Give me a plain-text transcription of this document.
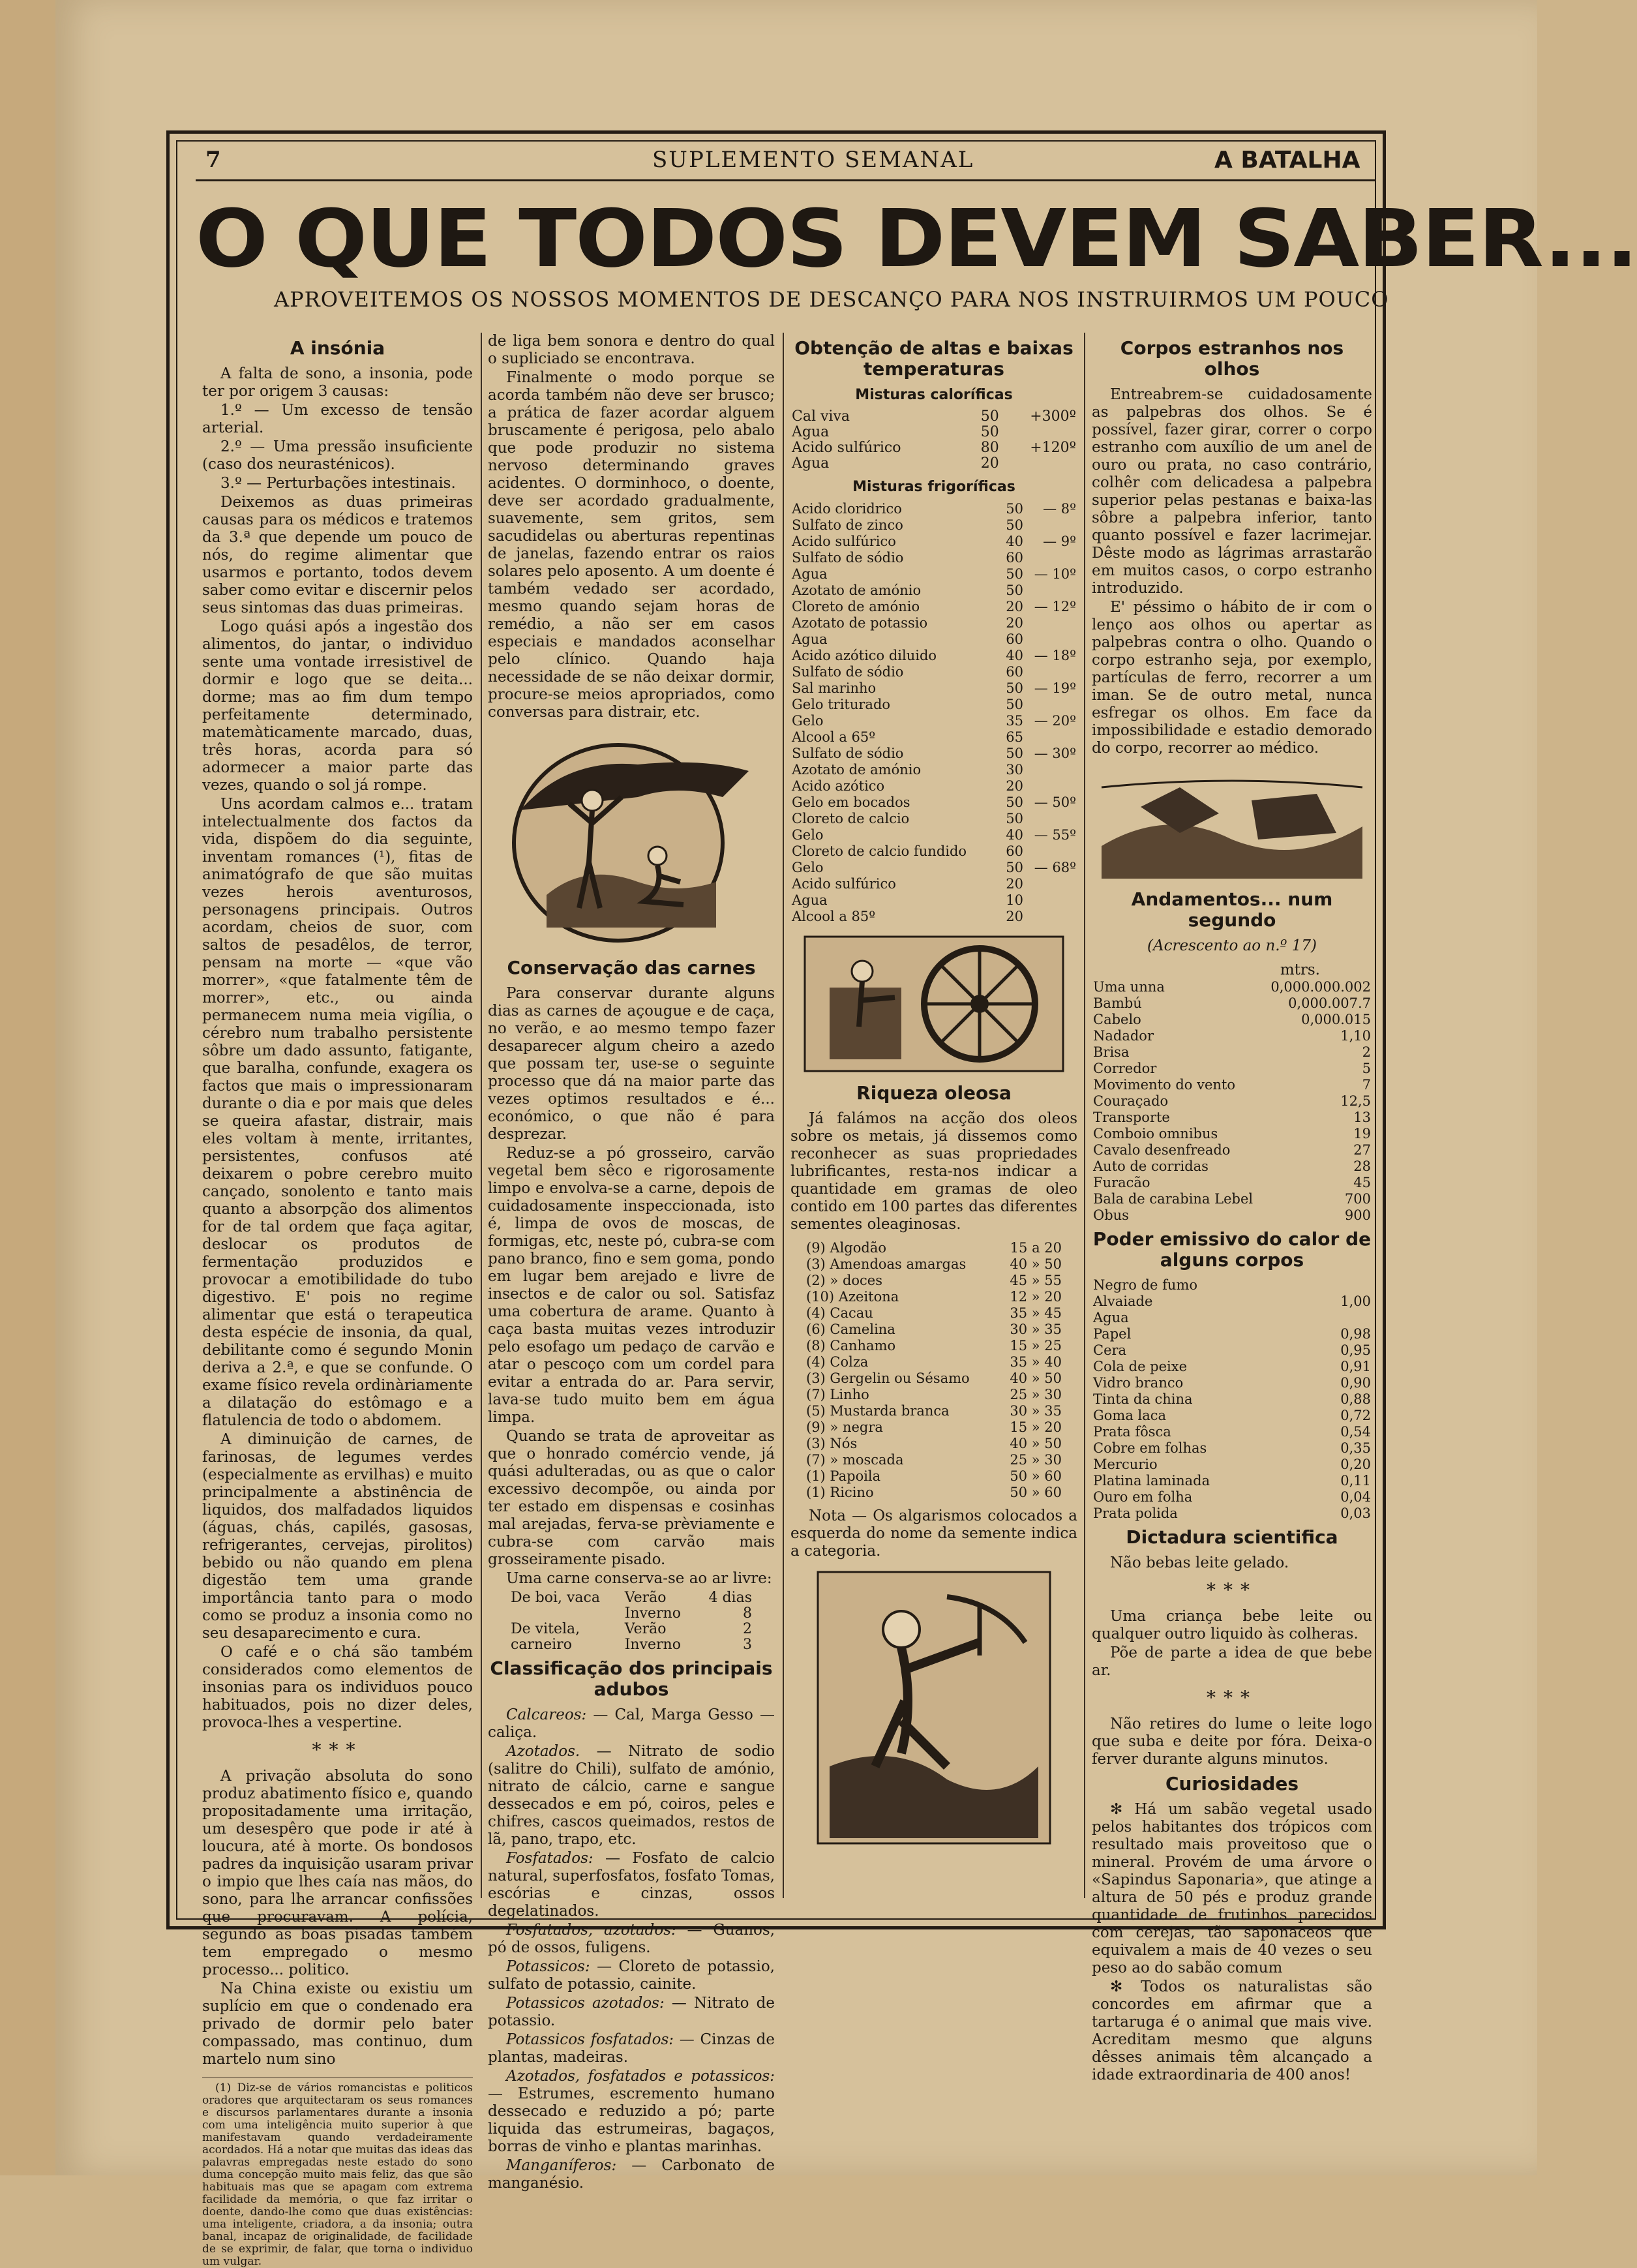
7	SUPLEMENTO SEMANAL	A BATALHA
O QUE TODOS DEVEM SABER...
APROVEITEMOS OS NOSSOS MOMENTOS DE DESCANÇO PARA NOS INSTRUIRMOS UM POUCO
A insónia

A falta de sono, a insonia, pode ter por origem 3 causas:

1.º — Um excesso de tensão arterial.

2.º — Uma pressão insuficiente (caso dos neurasténicos).

3.º — Perturbações intestinais.

Deixemos as duas primeiras causas para os médicos e tratemos da 3.ª que depende um pouco de nós, do regime alimentar que usarmos e portanto, todos devem saber como evitar e discernir pelos seus sintomas das duas primeiras.

Logo quási após a ingestão dos alimentos, do jantar, o individuo sente uma vontade irresistivel de dormir e logo que se deita... dorme; mas ao fim dum tempo perfeitamente determinado, matemàticamente marcado, duas, três horas, acorda para só adormecer a maior parte das vezes, quando o sol já rompe.

Uns acordam calmos e... tratam intelectualmente dos factos da vida, dispõem do dia seguinte, inventam romances (¹), fitas de animatógrafo de que são muitas vezes herois aventurosos, personagens principais. Outros acordam, cheios de suor, com saltos de pesadêlos, de terror, pensam na morte — «que vão morrer», «que fatalmente têm de morrer», etc., ou ainda permanecem numa meia vigília, o cérebro num trabalho persistente sôbre um dado assunto, fatigante, que baralha, confunde, exagera os factos que mais o impressionaram durante o dia e por mais que deles se queira afastar, distrair, mais eles voltam à mente, irritantes, persistentes, confusos até deixarem o pobre cerebro muito cançado, sonolento e tanto mais quanto a absorpção dos alimentos for de tal ordem que faça agitar, deslocar os produtos de fermentação produzidos e provocar a emotibilidade do tubo digestivo. E' pois no regime alimentar que está o terapeutica desta espécie de insonia, da qual, debilitante como é segundo Monin deriva a 2.ª, e que se confunde. O exame físico revela ordinàriamente a dilatação do estômago e a flatulencia de todo o abdomem.

A diminuição de carnes, de farinosas, de legumes verdes (especialmente as ervilhas) e muito principalmente a abstinência de liquidos, dos malfadados liquidos (águas, chás, capilés, gasosas, refrigerantes, cervejas, pirolitos) bebido ou não quando em plena digestão tem uma grande importância tanto para o modo como se produz a insonia como no seu desaparecimento e cura.

O café e o chá são também considerados como elementos de insonias para os individuos pouco habituados, pois no dizer deles, provoca-lhes a vespertine.

***

A privação absoluta do sono produz abatimento físico e, quando propositadamente uma irritação, um desespêro que pode ir até à loucura, até à morte. Os bondosos padres da inquisição usaram privar o impio que lhes caía nas mãos, do sono, para lhe arrancar confissões que procuravam. A polícia, segundo as boas pisadas também tem empregado o mesmo processo... politico.

Na China existe ou existiu um suplício em que o condenado era privado de dormir pelo bater compassado, mas continuo, dum martelo num sino

(1) Diz-se de vários romancistas e politicos oradores que arquitectaram os seus romances e discursos parlamentares durante a insonia com uma inteligência muito superior à que manifestavam quando verdadeiramente acordados. Há a notar que muitas das ideas das palavras empregadas neste estado do sono duma concepção muito mais feliz, das que são habituais mas que se apagam com extrema facilidade da memória, o que faz irritar o doente, dando-lhe como que duas existências: uma inteligente, criadora, a da insonia; outra banal, incapaz de originalidade, de facilidade de se exprimir, de falar, que torna o individuo um vulgar.

de liga bem sonora e dentro do qual o supliciado se encontrava.

Finalmente o modo porque se acorda também não deve ser brusco; a prática de fazer acordar alguem bruscamente é perigosa, pelo abalo que pode produzir no sistema nervoso determinando graves acidentes. O dorminhoco, o doente, deve ser acordado gradualmente, suavemente, sem gritos, sem sacudidelas ou aberturas repentinas de janelas, fazendo entrar os raios solares pelo aposento. A um doente é também vedado ser acordado, mesmo quando sejam horas de remédio, a não ser em casos especiais e mandados aconselhar pelo clínico. Quando haja necessidade de se não deixar dormir, procure-se meios apropriados, como conversas para distrair, etc.

Conservação das carnes

Para conservar durante alguns dias as carnes de açougue e de caça, no verão, e ao mesmo tempo fazer desaparecer algum cheiro a azedo que possam ter, use-se o seguinte processo que dá na maior parte das vezes optimos resultados e é... económico, o que não é para desprezar.

Reduz-se a pó grosseiro, carvão vegetal bem sêco e rigorosamente limpo e envolva-se a carne, depois de cuidadosamente inspeccionada, isto é, limpa de ovos de moscas, de formigas, etc, neste pó, cubra-se com pano branco, fino e sem goma, pondo em lugar bem arejado e livre de insectos e de calor ou sol. Satisfaz uma cobertura de arame. Quanto à caça basta muitas vezes introduzir pelo esofago um pedaço de carvão e atar o pescoço com um cordel para evitar a entrada do ar. Para servir, lava-se tudo muito bem em água limpa.

Quando se trata de aproveitar as que o honrado comércio vende, já quási adulteradas, ou as que o calor excessivo decompõe, ou ainda por ter estado em dispensas e cosinhas mal arejadas, ferva-se prèviamente e cubra-se com carvão mais grosseiramente pisado.

Uma carne conserva-se ao ar livre:

De boi, vaca	Verão	4 dias
	Inverno	8
De vitela,	Verão	2
carneiro	Inverno	3
Classificação dos principais adubos

Calcareos: — Cal, Marga Gesso — caliça.

Azotados. — Nitrato de sodio (salitre do Chili), sulfato de amónio, nitrato de cálcio, carne e sangue dessecados e em pó, coiros, peles e chifres, cascos queimados, restos de lã, pano, trapo, etc.

Fosfatados: — Fosfato de calcio natural, superfosfatos, fosfato Tomas, escórias e cinzas, ossos degelatinados.

Fosfatados, azotados: — Guanos, pó de ossos, fuligens.

Potassicos: — Cloreto de potassio, sulfato de potassio, cainite.

Potassicos azotados: — Nitrato de potassio.

Potassicos fosfatados: — Cinzas de plantas, madeiras.

Azotados, fosfatados e potassicos: — Estrumes, escremento humano dessecado e reduzido a pó; parte liquida das estrumeiras, bagaços, borras de vinho e plantas marinhas.

Manganíferos: — Carbonato de manganésio.

Obtenção de altas e baixas temperaturas
Misturas caloríficas
Cal viva	50	+300º
Agua	50	
Acido sulfúrico	80	+120º
Agua	20	
Misturas frigoríficas
Acido cloridrico	50	— 8º
Sulfato de zinco	50	
Acido sulfúrico	40	— 9º
Sulfato de sódio	60	
Agua	50	— 10º
Azotato de amónio	50	
Cloreto de amónio	20	— 12º
Azotato de potassio	20	
Agua	60	
Acido azótico diluido	40	— 18º
Sulfato de sódio	60	
Sal marinho	50	— 19º
Gelo triturado	50	
Gelo	35	— 20º
Alcool a 65º	65	
Sulfato de sódio	50	— 30º
Azotato de amónio	30	
Acido azótico	20	
Gelo em bocados	50	— 50º
Cloreto de calcio	50	
Gelo	40	— 55º
Cloreto de calcio fundido	60	
Gelo	50	— 68º
Acido sulfúrico	20	
Agua	10	
Alcool a 85º	20	
Riqueza oleosa

Já falámos na acção dos oleos sobre os metais, já dissemos como reconhecer as suas propriedades lubrificantes, resta-nos indicar a quantidade em gramas de oleo contido em 100 partes das diferentes sementes oleaginosas.

(9) Algodão	15 a 20
(3) Amendoas amargas	40 » 50
(2) » doces	45 » 55
(10) Azeitona	12 » 20
(4) Cacau	35 » 45
(6) Camelina	30 » 35
(8) Canhamo	15 » 25
(4) Colza	35 » 40
(3) Gergelin ou Sésamo	40 » 50
(7) Linho	25 » 30
(5) Mustarda branca	30 » 35
(9) » negra	15 » 20
(3) Nós	40 » 50
(7) » moscada	25 » 30
(1) Papoila	50 » 60
(1) Ricino	50 » 60

Nota — Os algarismos colocados a esquerda do nome da semente indica a categoria.

Corpos estranhos nos olhos

Entreabrem-se cuidadosamente as palpebras dos olhos. Se é possível, fazer girar, correr o corpo estranho com auxílio de um anel de ouro ou prata, no caso contrário, colhêr com delicadesa a palpebra superior pelas pestanas e baixa-las sôbre a palpebra inferior, tanto quanto possível e fazer lacrimejar. Dêste modo as lágrimas arrastarão em muitos casos, o corpo estranho introduzido.

E' péssimo o hábito de ir com o lenço aos olhos ou apertar as palpebras contra o olho. Quando o corpo estranho seja, por exemplo, partículas de ferro, recorrer a um iman. Se de outro metal, nunca esfregar os olhos. Em face da impossibilidade e estadio demorado do corpo, recorrer ao médico.

Andamentos... num segundo
(Acrescento ao n.º 17)
mtrs.
Uma unna	0,000.000.002
Bambú	0,000.007.7
Cabelo	0,000.015
Nadador	1,10
Brisa	2
Corredor	5
Movimento do vento	7
Couraçado	12,5
Transporte	13
Comboio omnibus	19
Cavalo desenfreado	27
Auto de corridas	28
Furacão	45
Bala de carabina Lebel	700
Obus	900
Poder emissivo do calor de alguns corpos
Negro de fumo	
Alvaiade	1,00
Agua	
Papel	0,98
Cera	0,95
Cola de peixe	0,91
Vidro branco	0,90
Tinta da china	0,88
Goma laca	0,72
Prata fôsca	0,54
Cobre em folhas	0,35
Mercurio	0,20
Platina laminada	0,11
Ouro em folha	0,04
Prata polida	0,03
Dictadura scientifica

Não bebas leite gelado.

***

Uma criança bebe leite ou qualquer outro liquido às colheras.

Põe de parte a idea de que bebe ar.

***

Não retires do lume o leite logo que suba e deite por fóra. Deixa-o ferver durante alguns minutos.

Curiosidades

✻ Há um sabão vegetal usado pelos habitantes dos trópicos com resultado mais proveitoso que o mineral. Provém de uma árvore o «Sapindus Saponaria», que atinge a altura de 50 pés e produz grande quantidade de frutinhos parecidos com cerejas, tão saponaceos que equivalem a mais de 40 vezes o seu peso ao do sabão comum

✻ Todos os naturalistas são concordes em afirmar que a tartaruga é o animal que mais vive. Acreditam mesmo que alguns dêsses animais têm alcançado a idade extraordinaria de 400 anos!
